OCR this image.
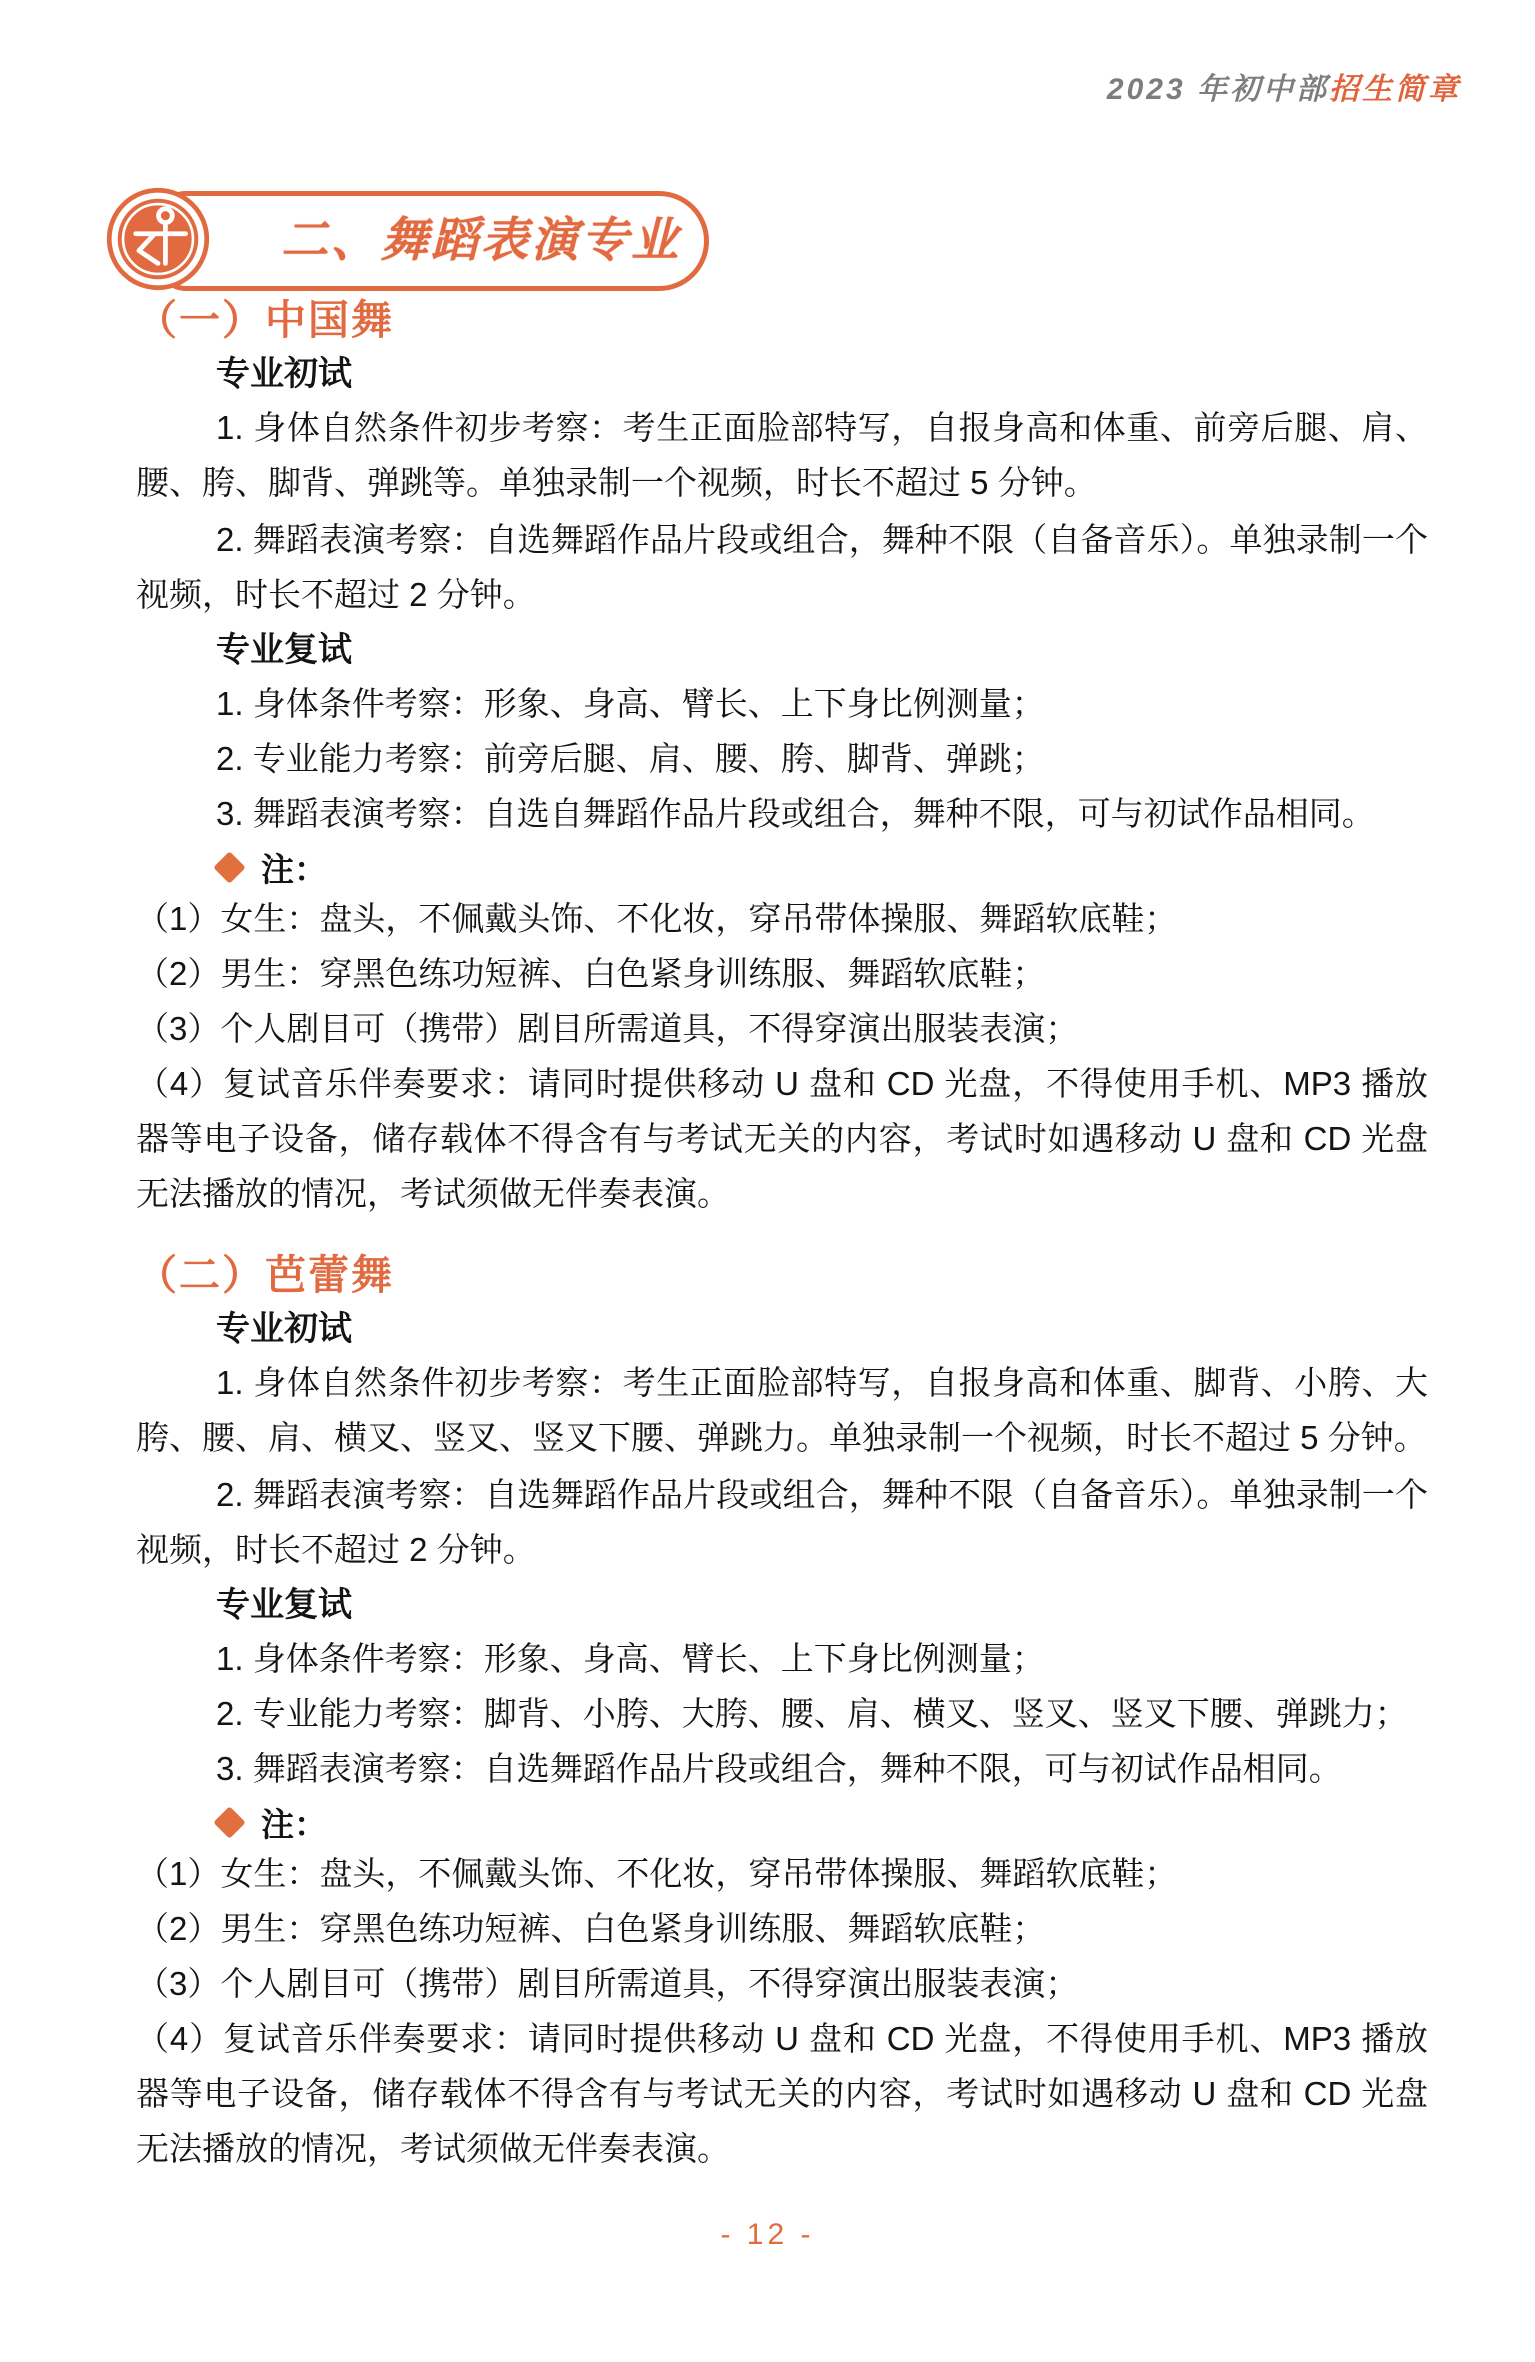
2023 年初中部招生简章
二、舞蹈表演专业
（一）中国舞
专业初试

1. 身体自然条件初步考察：考生正面脸部特写，自报身高和体重、前旁后腿、肩、腰、胯、脚背、弹跳等。单独录制一个视频，时长不超过 5 分钟。

2. 舞蹈表演考察：自选舞蹈作品片段或组合，舞种不限（自备音乐）。单独录制一个视频，时长不超过 2 分钟。

专业复试

1. 身体条件考察：形象、身高、臂长、上下身比例测量；

2. 专业能力考察：前旁后腿、肩、腰、胯、脚背、弹跳；

3. 舞蹈表演考察：自选自舞蹈作品片段或组合，舞种不限，可与初试作品相同。

注：

（1）女生：盘头，不佩戴头饰、不化妆，穿吊带体操服、舞蹈软底鞋；

（2）男生：穿黑色练功短裤、白色紧身训练服、舞蹈软底鞋；

（3）个人剧目可（携带）剧目所需道具，不得穿演出服装表演；

（4）复试音乐伴奏要求：请同时提供移动 U 盘和 CD 光盘，不得使用手机、MP3 播放器等电子设备，储存载体不得含有与考试无关的内容，考试时如遇移动 U 盘和 CD 光盘无法播放的情况，考试须做无伴奏表演。

（二）芭蕾舞
专业初试

1. 身体自然条件初步考察：考生正面脸部特写，自报身高和体重、脚背、小胯、大胯、腰、肩、横叉、竖叉、竖叉下腰、弹跳力。单独录制一个视频，时长不超过 5 分钟。

2. 舞蹈表演考察：自选舞蹈作品片段或组合，舞种不限（自备音乐）。单独录制一个视频，时长不超过 2 分钟。

专业复试

1. 身体条件考察：形象、身高、臂长、上下身比例测量；

2. 专业能力考察：脚背、小胯、大胯、腰、肩、横叉、竖叉、竖叉下腰、弹跳力；

3. 舞蹈表演考察：自选舞蹈作品片段或组合，舞种不限，可与初试作品相同。

注：

（1）女生：盘头，不佩戴头饰、不化妆，穿吊带体操服、舞蹈软底鞋；

（2）男生：穿黑色练功短裤、白色紧身训练服、舞蹈软底鞋；

（3）个人剧目可（携带）剧目所需道具，不得穿演出服装表演；

（4）复试音乐伴奏要求：请同时提供移动 U 盘和 CD 光盘，不得使用手机、MP3 播放器等电子设备，储存载体不得含有与考试无关的内容，考试时如遇移动 U 盘和 CD 光盘无法播放的情况，考试须做无伴奏表演。

- 12 -
